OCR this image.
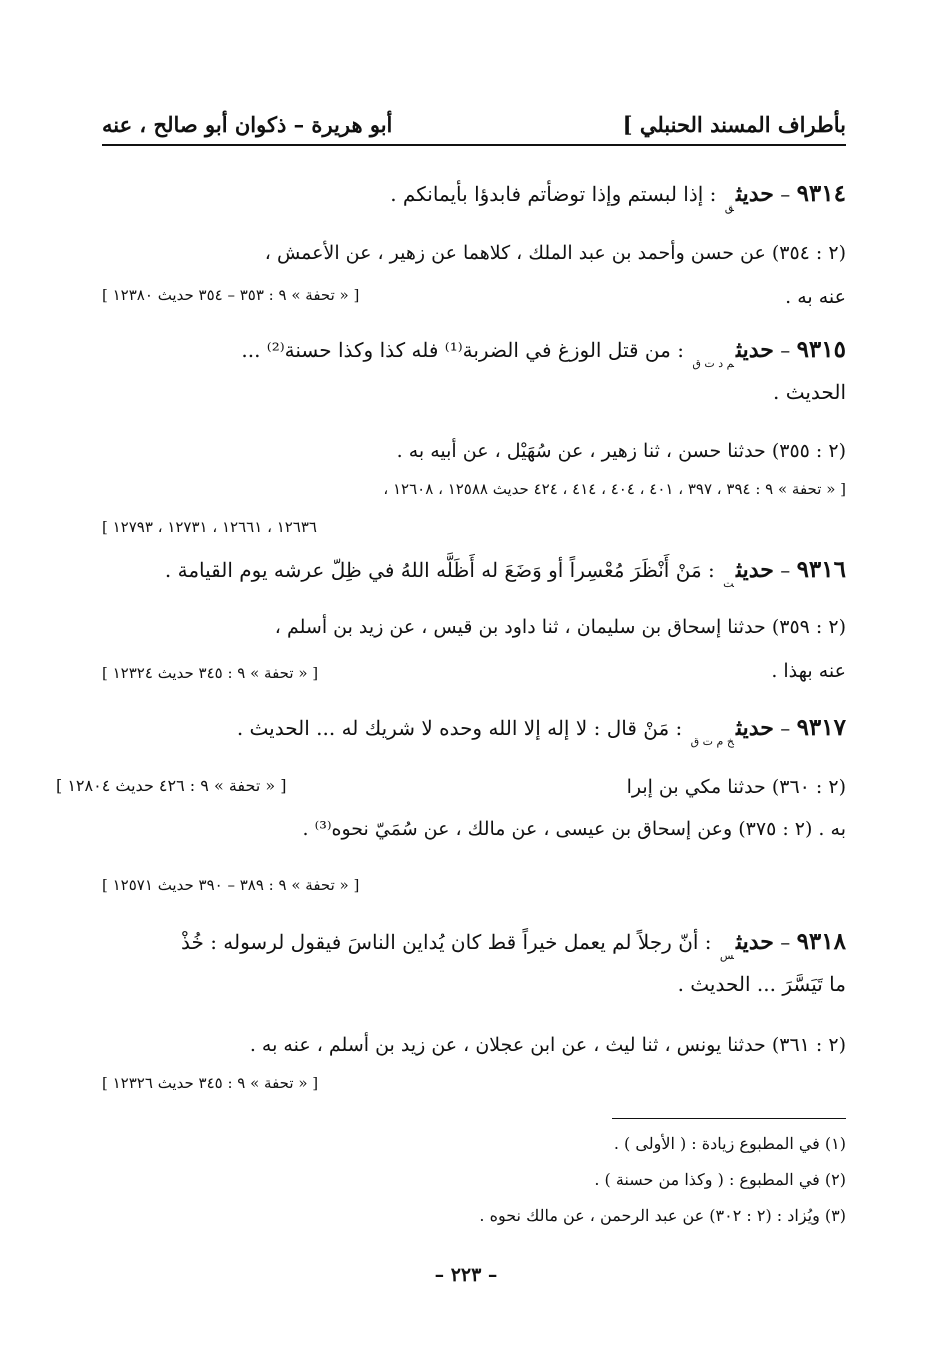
بأطراف المسند الحنبلي ]
أبو هريرة – ذكوان أبو صالح ، عنه
٩٣١٤ – حديث$_ق$ : إذا لبستم وإذا توضأتم فابدؤا بأيمانكم .
(٢ : ٣٥٤) عن حسن وأحمد بن عبد الملك ، كلاهما عن زهير ، عن الأعمش ،
عنه به .
[ « تحفة » ٩ : ٣٥٣ – ٣٥٤ حديث ١٢٣٨٠ ]
٩٣١٥ – حديث$_{م د ت ق}$ : من قتل الوزغ في الضربة⁽¹⁾ فله كذا وكذا حسنة⁽²⁾ ...
الحديث .
(٢ : ٣٥٥) حدثنا حسن ، ثنا زهير ، عن سُهَيْل ، عن أبيه به .
[ « تحفة » ٩ : ٣٩٤ ، ٣٩٧ ، ٤٠١ ، ٤٠٤ ، ٤١٤ ، ٤٢٤ حديث ١٢٥٨٨ ، ١٢٦٠٨ ،
١٢٦٣٦ ، ١٢٦٦١ ، ١٢٧٣١ ، ١٢٧٩٣ ]
٩٣١٦ – حديث$_ت$ : مَنْ أَنْظَرَ مُعْسِراً أو وَضَعَ له أَظَلَّه اللهُ في ظِلّ عرشه يوم القيامة .
(٢ : ٣٥٩) حدثنا إسحاق بن سليمان ، ثنا داود بن قيس ، عن زيد بن أسلم ،
عنه بهذا .
[ « تحفة » ٩ : ٣٤٥ حديث ١٢٣٢٤ ]
٩٣١٧ – حديث$_{خ م ت ق}$ : مَنْ قال : لا إله إلا الله وحده لا شريك له ... الحديث .
(٢ : ٣٦٠) حدثنا مكي بن إبرا
[ « تحفة » ٩ : ٤٢٦ حديث ١٢٨٠٤ ]
به . (٢ : ٣٧٥) وعن إسحاق بن عيسى ، عن مالك ، عن سُمَيّ نحوه⁽³⁾ .
[ « تحفة » ٩ : ٣٨٩ – ٣٩٠ حديث ١٢٥٧١ ]
٩٣١٨ – حديث$_س$ : أنّ رجلاً لم يعمل خيراً قط كان يُداين الناسَ فيقول لرسوله : خُذْ
ما تَيَسَّرَ ... الحديث .
(٢ : ٣٦١) حدثنا يونس ، ثنا ليث ، عن ابن عجلان ، عن زيد بن أسلم ، عنه به .
[ « تحفة » ٩ : ٣٤٥ حديث ١٢٣٢٦ ]
(١) في المطبوع زيادة : ( الأولى ) .
(٢) في المطبوع : ( وكذا من حسنة ) .
(٣) ويُزاد : (٢ : ٣٠٢) عن عبد الرحمن ، عن مالك نحوه .
– ٢٢٣ –
